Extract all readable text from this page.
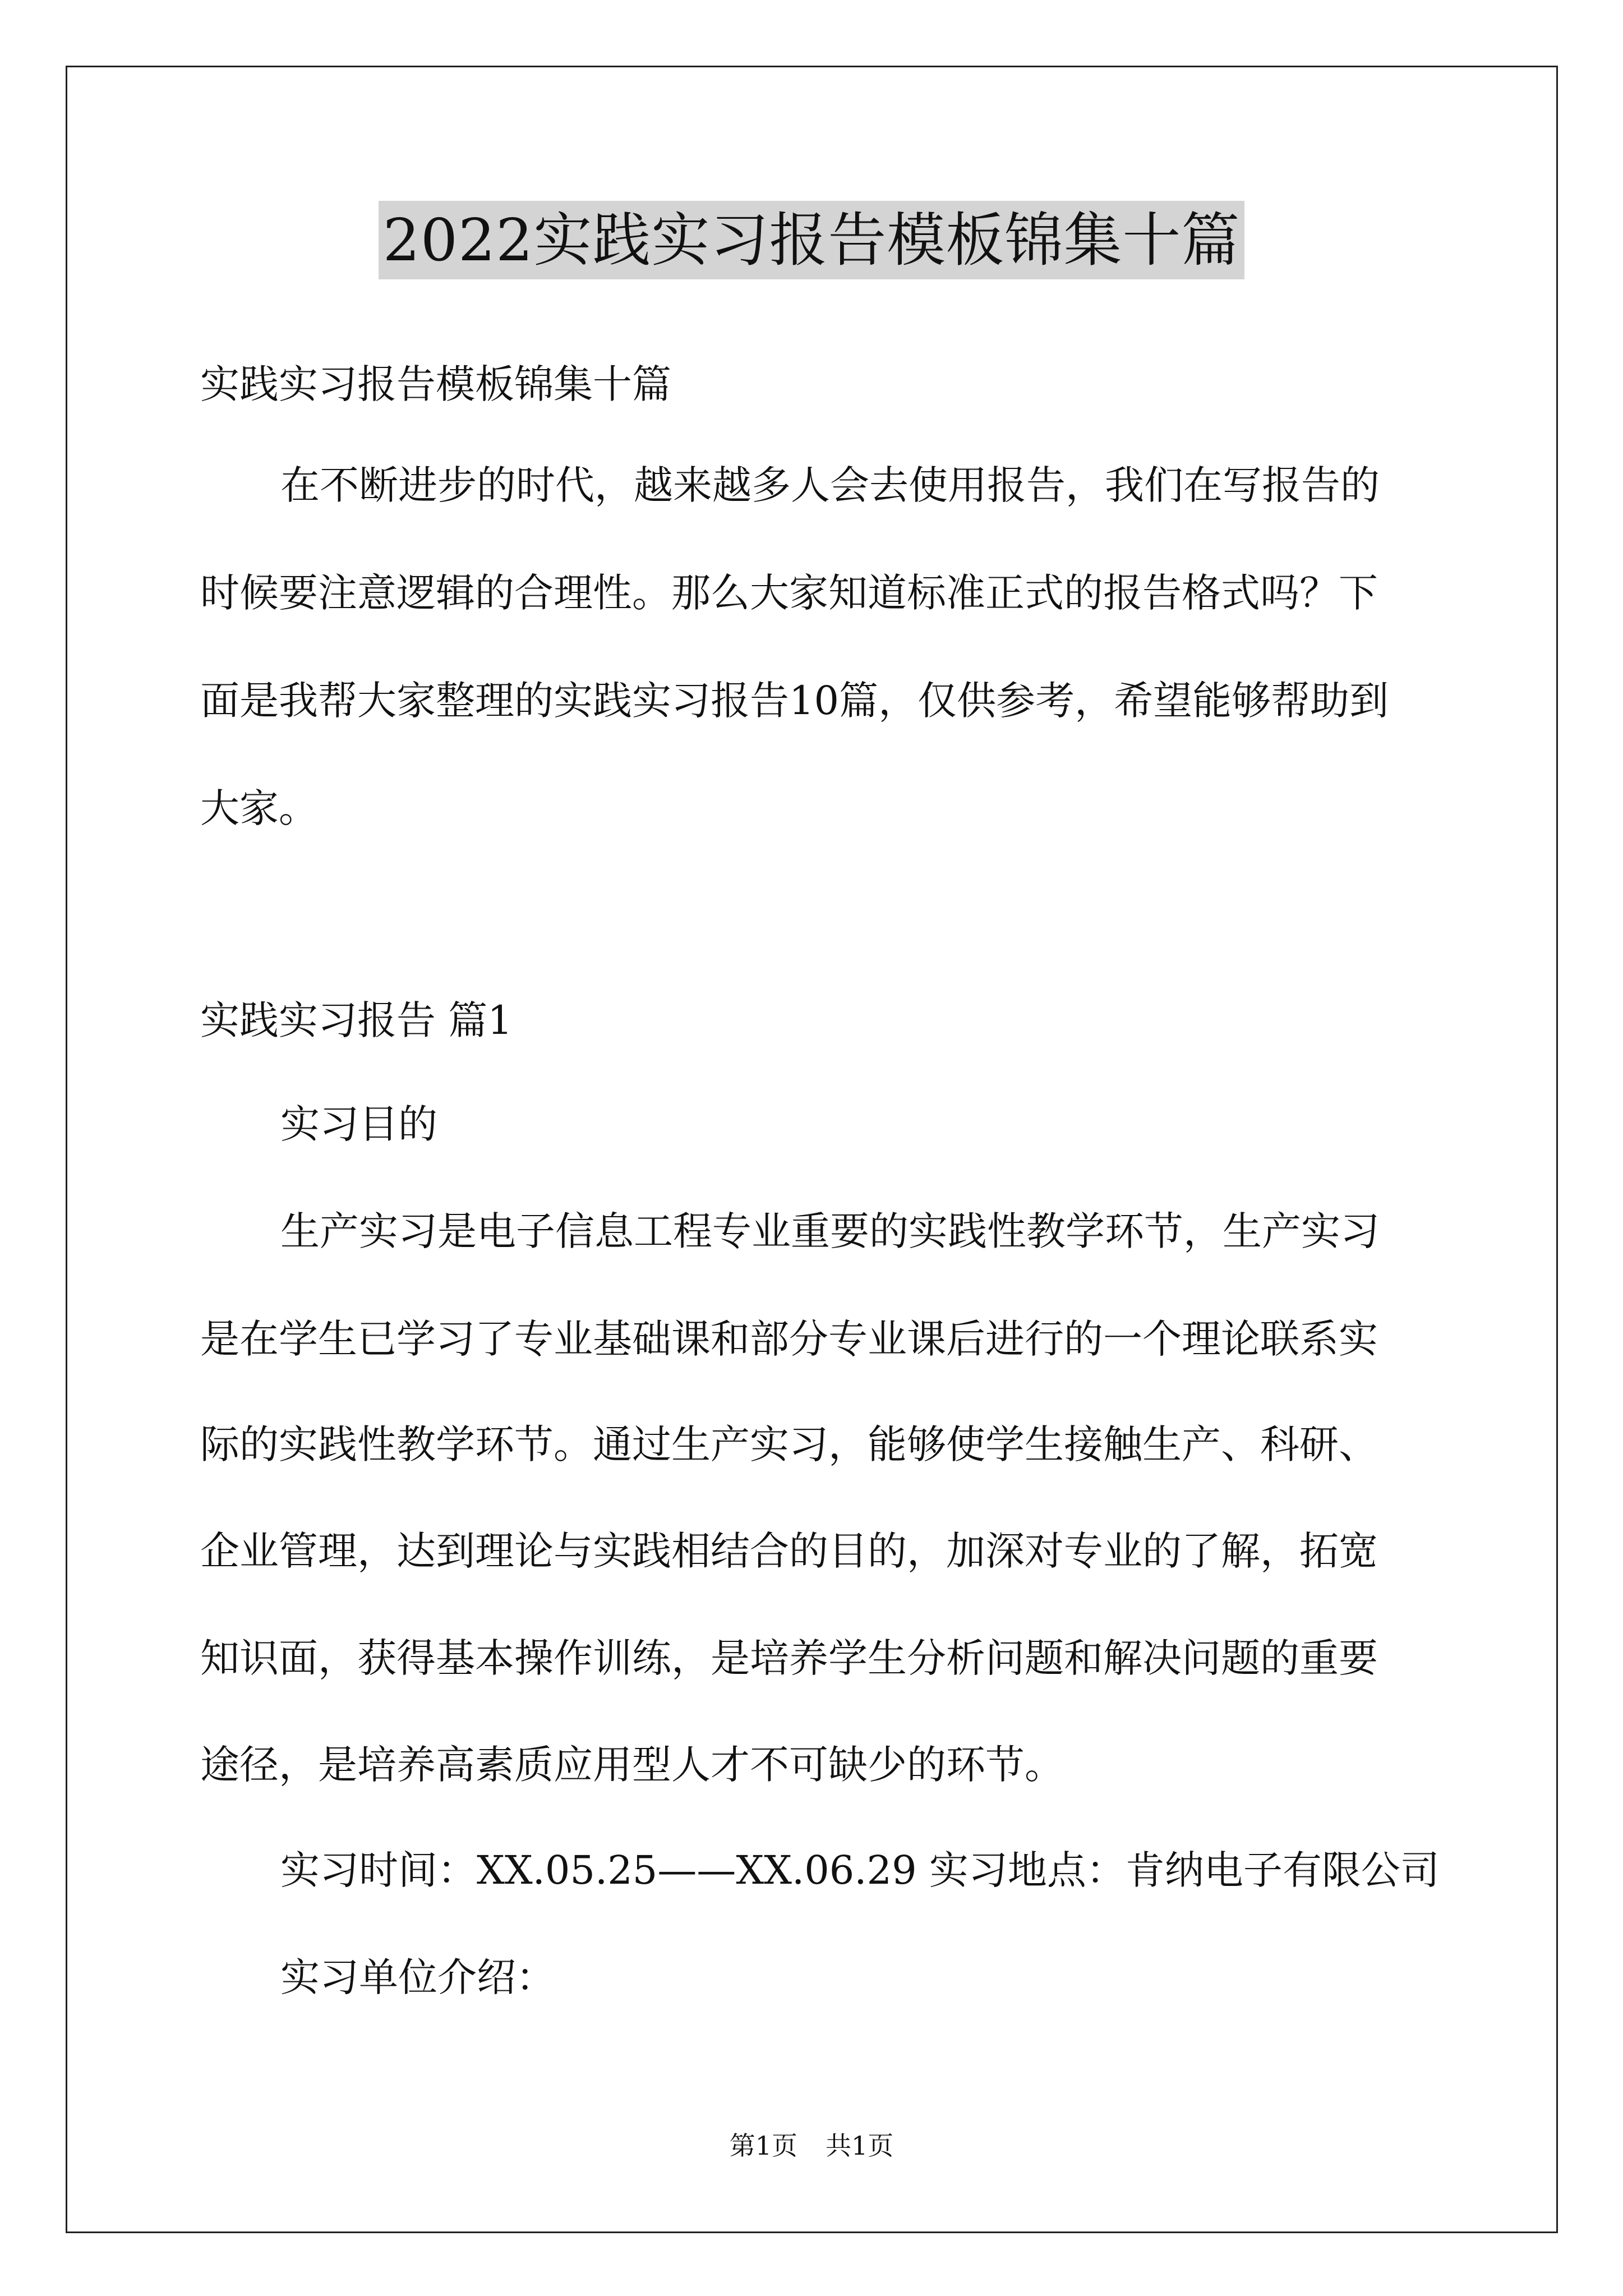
2022实践实习报告模板锦集十篇
实践实习报告模板锦集十篇
在不断进步的时代，越来越多人会去使用报告，我们在写报告的
时候要注意逻辑的合理性。那么大家知道标准正式的报告格式吗？下
面是我帮大家整理的实践实习报告10篇，仅供参考，希望能够帮助到
大家。
实践实习报告 篇1
实习目的
生产实习是电子信息工程专业重要的实践性教学环节，生产实习
是在学生已学习了专业基础课和部分专业课后进行的一个理论联系实
际的实践性教学环节。通过生产实习，能够使学生接触生产、科研、
企业管理，达到理论与实践相结合的目的，加深对专业的了解，拓宽
知识面，获得基本操作训练，是培养学生分析问题和解决问题的重要
途径，是培养高素质应用型人才不可缺少的环节。
实习时间：XX.05.25——XX.06.29 实习地点：肯纳电子有限公司
实习单位介绍：
第1页 共1页
